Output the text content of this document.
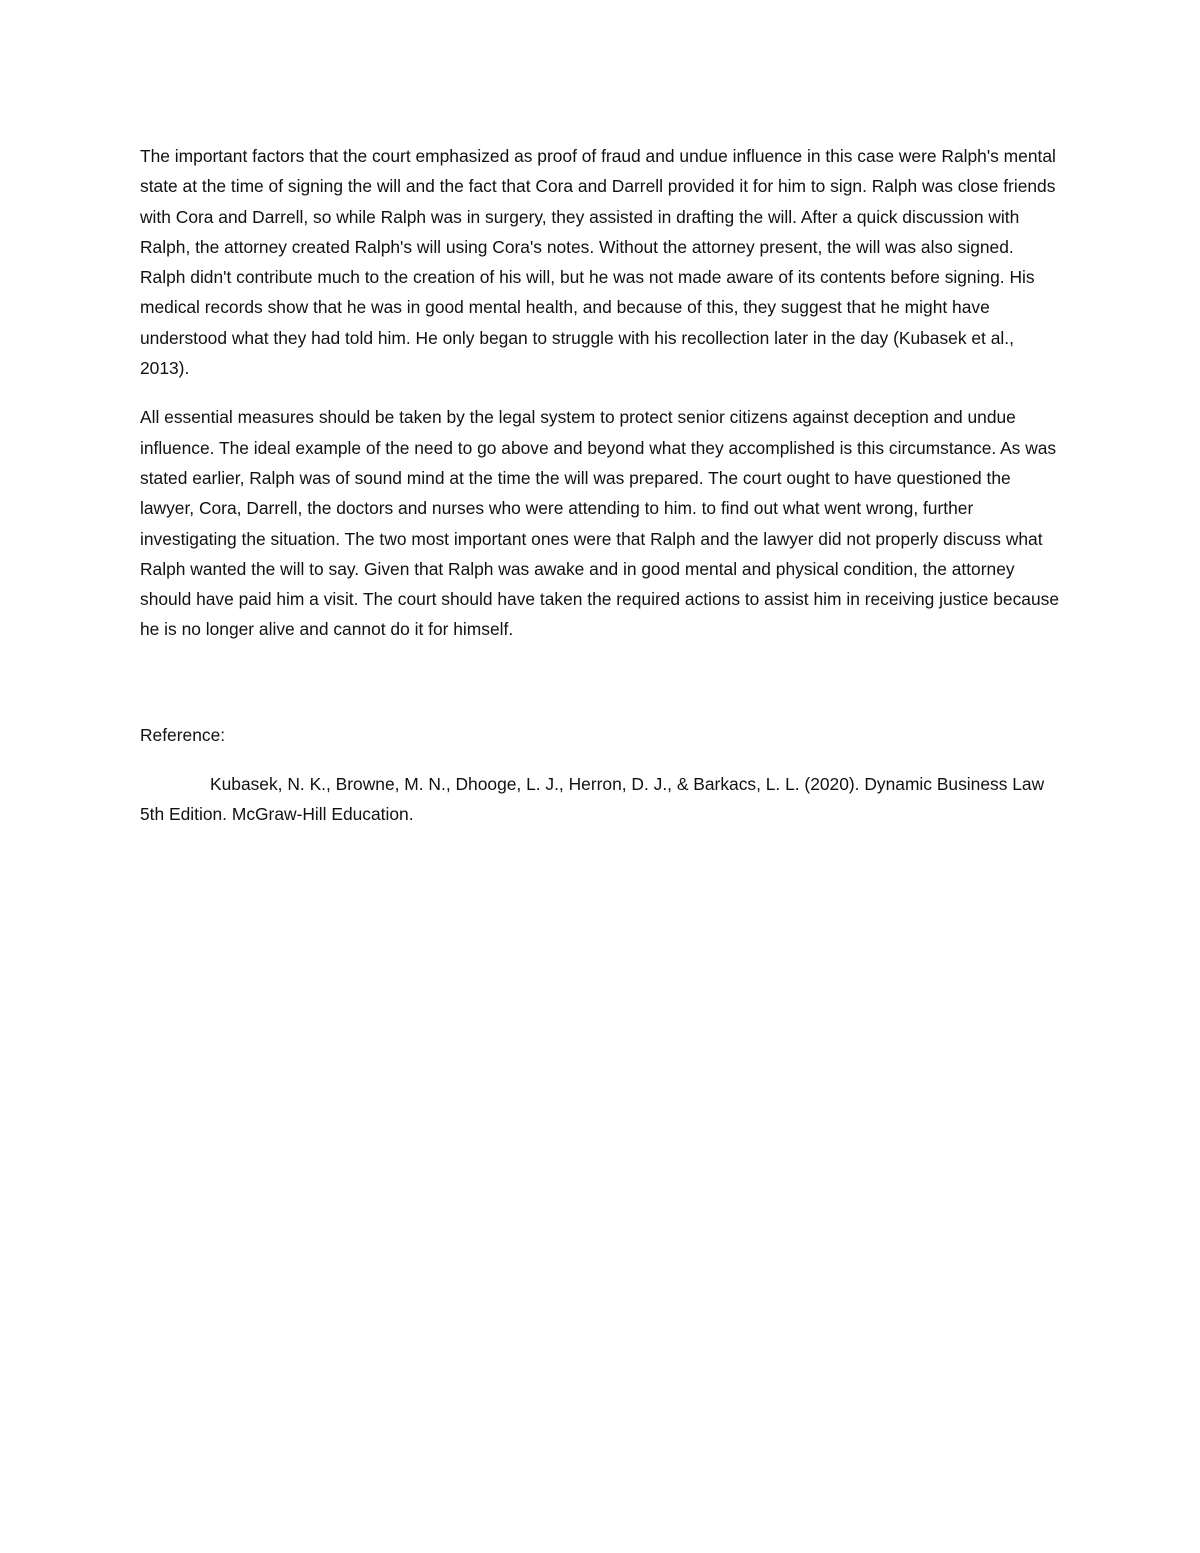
The important factors that the court emphasized as proof of fraud and undue influence in this case were Ralph's mental state at the time of signing the will and the fact that Cora and Darrell provided it for him to sign. Ralph was close friends with Cora and Darrell, so while Ralph was in surgery, they assisted in drafting the will. After a quick discussion with Ralph, the attorney created Ralph's will using Cora's notes. Without the attorney present, the will was also signed. Ralph didn't contribute much to the creation of his will, but he was not made aware of its contents before signing. His medical records show that he was in good mental health, and because of this, they suggest that he might have understood what they had told him. He only began to struggle with his recollection later in the day (Kubasek et al., 2013).

All essential measures should be taken by the legal system to protect senior citizens against deception and undue influence. The ideal example of the need to go above and beyond what they accomplished is this circumstance. As was stated earlier, Ralph was of sound mind at the time the will was prepared. The court ought to have questioned the lawyer, Cora, Darrell, the doctors and nurses who were attending to him. to find out what went wrong, further investigating the situation. The two most important ones were that Ralph and the lawyer did not properly discuss what Ralph wanted the will to say. Given that Ralph was awake and in good mental and physical condition, the attorney should have paid him a visit. The court should have taken the required actions to assist him in receiving justice because he is no longer alive and cannot do it for himself.

Reference:

Kubasek, N. K., Browne, M. N., Dhooge, L. J., Herron, D. J., & Barkacs, L. L. (2020). Dynamic Business Law 5th Edition. McGraw-Hill Education.
